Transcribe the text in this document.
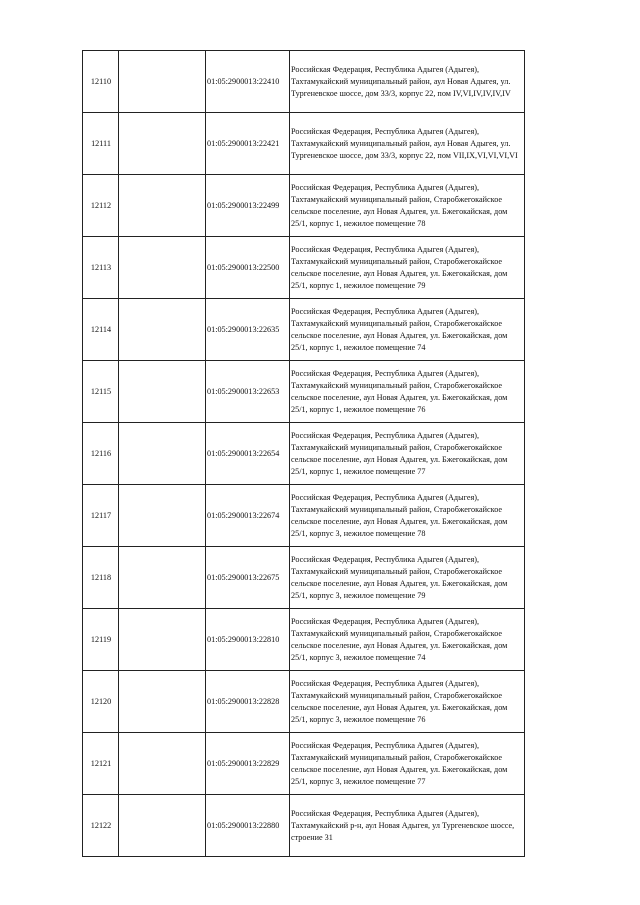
12110		01:05:2900013:22410	Российская Федерация, Республика Адыгея (Адыгея), Тахтамукайский муниципальный район, аул Новая Адыгея, ул. Тургеневское шоссе, дом 33/3, корпус 22, пом IV,VI,IV,IV,IV,IV
12111		01:05:2900013:22421	Российская Федерация, Республика Адыгея (Адыгея), Тахтамукайский муниципальный район, аул Новая Адыгея, ул. Тургеневское шоссе, дом 33/3, корпус 22, пом VII,IX,VI,VI,VI,VI
12112		01:05:2900013:22499	Российская Федерация, Республика Адыгея (Адыгея), Тахтамукайский муниципальный район, Старобжегокайское сельское поселение, аул Новая Адыгея, ул. Бжегокайская, дом 25/1, корпус 1, нежилое помещение 78
12113		01:05:2900013:22500	Российская Федерация, Республика Адыгея (Адыгея), Тахтамукайский муниципальный район, Старобжегокайское сельское поселение, аул Новая Адыгея, ул. Бжегокайская, дом 25/1, корпус 1, нежилое помещение 79
12114		01:05:2900013:22635	Российская Федерация, Республика Адыгея (Адыгея), Тахтамукайский муниципальный район, Старобжегокайское сельское поселение, аул Новая Адыгея, ул. Бжегокайская, дом 25/1, корпус 1, нежилое помещение 74
12115		01:05:2900013:22653	Российская Федерация, Республика Адыгея (Адыгея), Тахтамукайский муниципальный район, Старобжегокайское сельское поселение, аул Новая Адыгея, ул. Бжегокайская, дом 25/1, корпус 1, нежилое помещение 76
12116		01:05:2900013:22654	Российская Федерация, Республика Адыгея (Адыгея), Тахтамукайский муниципальный район, Старобжегокайское сельское поселение, аул Новая Адыгея, ул. Бжегокайская, дом 25/1, корпус 1, нежилое помещение 77
12117		01:05:2900013:22674	Российская Федерация, Республика Адыгея (Адыгея), Тахтамукайский муниципальный район, Старобжегокайское сельское поселение, аул Новая Адыгея, ул. Бжегокайская, дом 25/1, корпус 3, нежилое помещение 78
12118		01:05:2900013:22675	Российская Федерация, Республика Адыгея (Адыгея), Тахтамукайский муниципальный район, Старобжегокайское сельское поселение, аул Новая Адыгея, ул. Бжегокайская, дом 25/1, корпус 3, нежилое помещение 79
12119		01:05:2900013:22810	Российская Федерация, Республика Адыгея (Адыгея), Тахтамукайский муниципальный район, Старобжегокайское сельское поселение, аул Новая Адыгея, ул. Бжегокайская, дом 25/1, корпус 3, нежилое помещение 74
12120		01:05:2900013:22828	Российская Федерация, Республика Адыгея (Адыгея), Тахтамукайский муниципальный район, Старобжегокайское сельское поселение, аул Новая Адыгея, ул. Бжегокайская, дом 25/1, корпус 3, нежилое помещение 76
12121		01:05:2900013:22829	Российская Федерация, Республика Адыгея (Адыгея), Тахтамукайский муниципальный район, Старобжегокайское сельское поселение, аул Новая Адыгея, ул. Бжегокайская, дом 25/1, корпус 3, нежилое помещение 77
12122		01:05:2900013:22880	Российская Федерация, Республика Адыгея (Адыгея), Тахтамукайский р-н, аул Новая Адыгея, ул Тургеневское шоссе, строение 31
